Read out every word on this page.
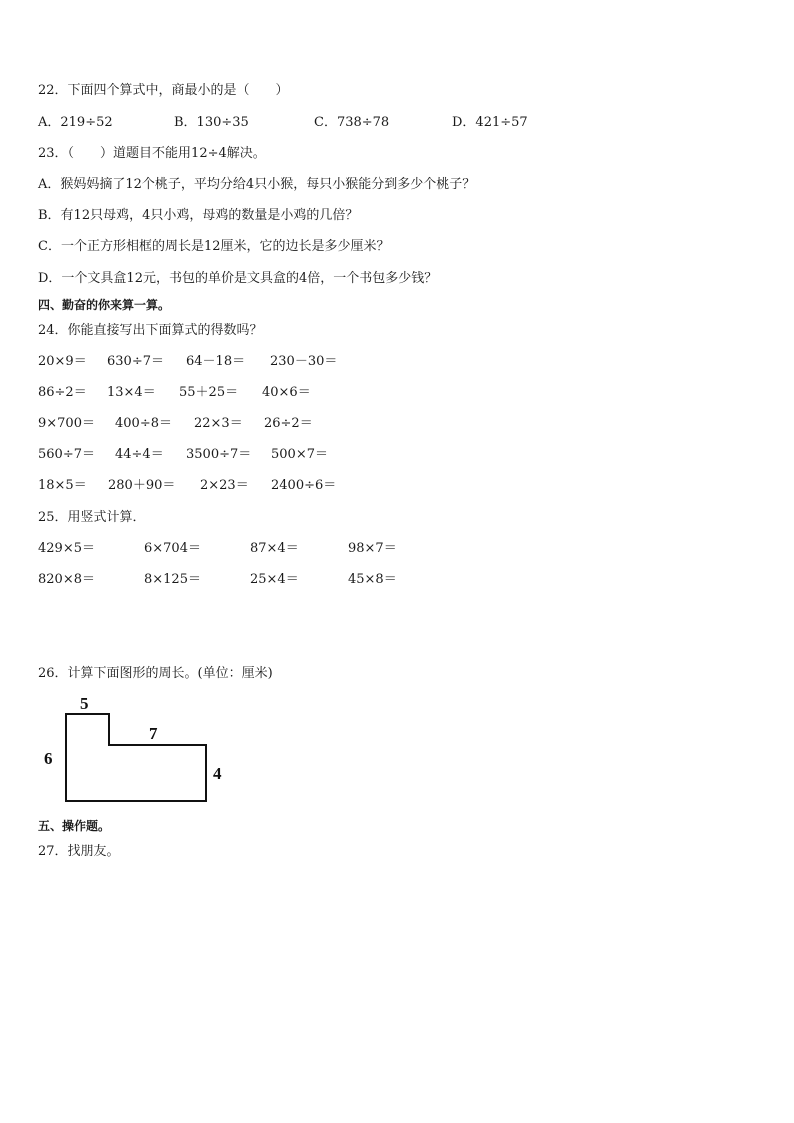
22．下面四个算式中，商最小的是（　　）
A．219÷52	B．130÷35	C．738÷78	D．421÷57
23．（　　）道题目不能用12÷4解决。
A．猴妈妈摘了12个桃子，平均分给4只小猴，每只小猴能分到多少个桃子？
B．有12只母鸡，4只小鸡，母鸡的数量是小鸡的几倍？
C．一个正方形相框的周长是12厘米，它的边长是多少厘米？
D．一个文具盒12元，书包的单价是文具盒的4倍，一个书包多少钱？
四、勤奋的你来算一算。
24．你能直接写出下面算式的得数吗？
20×9＝ 630÷7＝ 64－18＝ 230－30＝
86÷2＝ 13×4＝ 55＋25＝ 40×6＝
9×700＝ 400÷8＝ 22×3＝ 26÷2＝
560÷7＝ 44÷4＝ 3500÷7＝ 500×7＝
18×5＝ 280＋90＝ 2×23＝ 2400÷6＝
25．用竖式计算．
429×5＝	6×704＝	87×4＝	98×7＝
820×8＝	8×125＝	25×4＝	45×8＝
26．计算下面图形的周长。(单位：厘米)
5
7
6
4
五、操作题。
27．找朋友。
